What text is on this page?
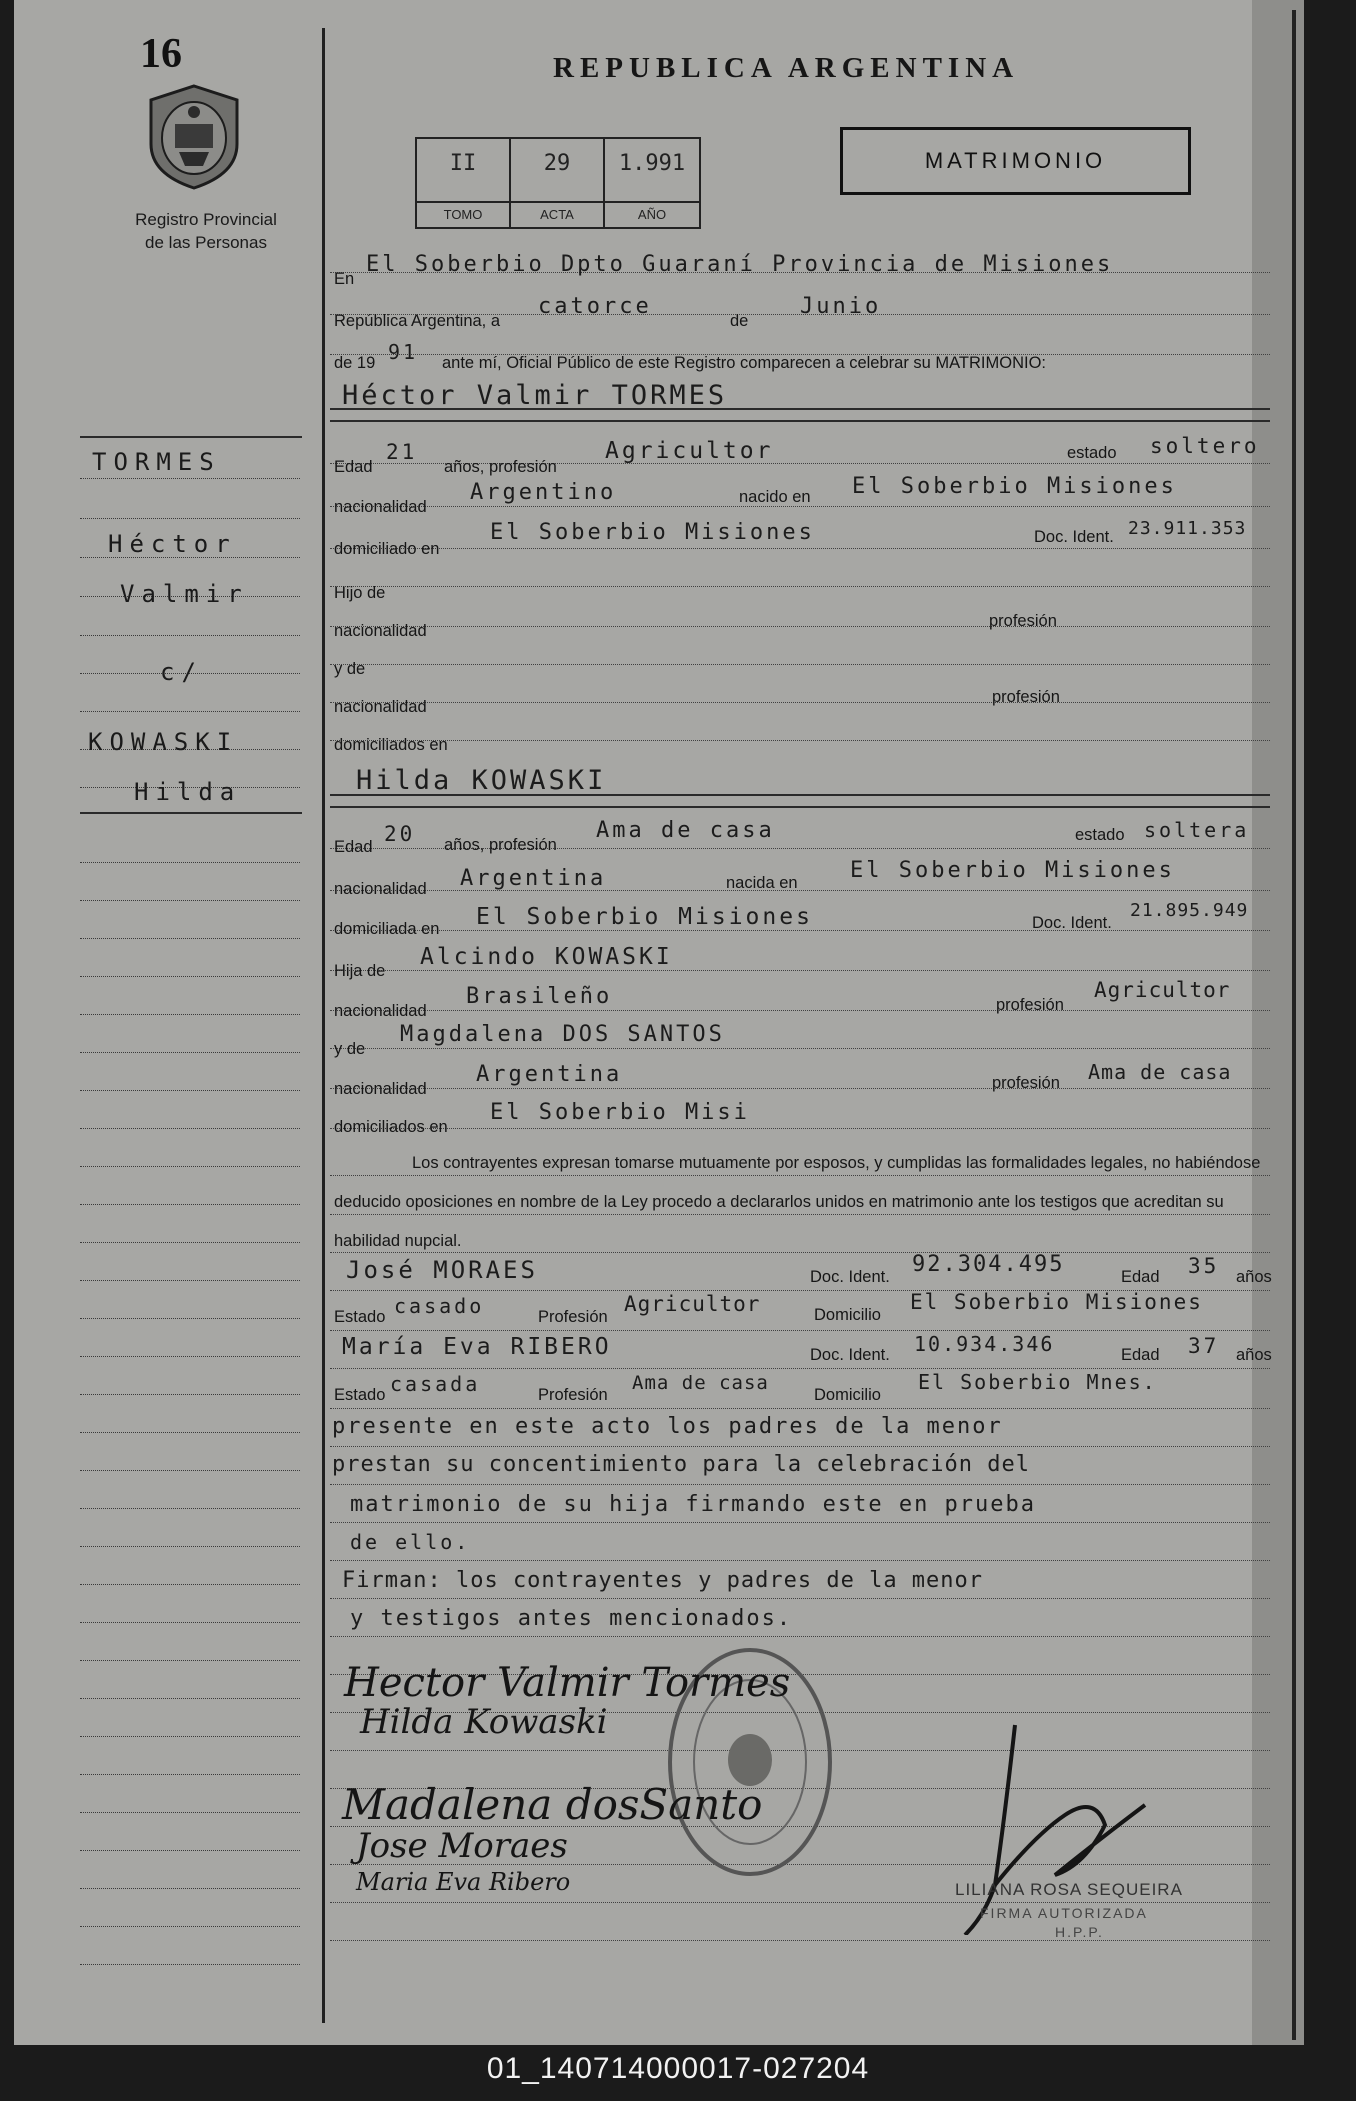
16
Registro Provincial
de las Personas
REPUBLICA ARGENTINA
II
TOMO
29
ACTA
1.991
AÑO
MATRIMONIO
TORMES
Héctor
Valmir
c/
KOWASKI
Hilda
En
El Soberbio Dpto Guaraní Provincia de Misiones
República Argentina, a
catorce
de
Junio
de 19 91 ante mí, Oficial Público de este Registro comparecen a celebrar su MATRIMONIO:
Héctor Valmir TORMES
Edad
21
años, profesión
Agricultor	estado soltero
nacionalidad
Argentino	nacido en El Soberbio Misiones
domiciliado en
El Soberbio Misiones	Doc. Ident. 23.911.353
Hijo de
nacionalidad
profesión
y de
nacionalidad
profesión
domiciliados en
Hilda KOWASKI
Edad
20 años, profesión
Ama de casa	estado soltera
nacionalidad Argentina	nacida en El Soberbio Misiones
domiciliada en El Soberbio Misiones	Doc. Ident.
21.895.949
Hija de
Alcindo KOWASKI
nacionalidad
Brasileño	profesión
Agricultor
y de
Magdalena DOS SANTOS
nacionalidad
Argentina	profesión Ama de casa
domiciliados en
El Soberbio Misi
Los contrayentes expresan tomarse mutuamente por esposos, y cumplidas las formalidades legales, no habiéndose deducido oposiciones en nombre de la Ley procedo a declararlos unidos en matrimonio ante los testigos que acreditan su habilidad nupcial.
José MORAES	Doc. Ident. 92.304.495	Edad 35 años
Estado casado	Profesión
Agricultor	Domicilio
El Soberbio Misiones
María Eva RIBERO	Doc. Ident. 10.934.346	Edad 37 años
Estado casada	Profesión
Ama de casa
Domicilio
El Soberbio Mnes.
presente en este acto los padres de la menor
prestan su concentimiento para la celebración del
matrimonio de su hija firmando este en prueba
de ello.
Firman: los contrayentes y padres de la menor
y testigos antes mencionados.
Hector Valmir Tormes
Hilda Kowaski
Madalena dosSanto
Jose Moraes
Maria Eva Ribero	LILIANA ROSA SEQUEIRA
FIRMA AUTORIZADA
H.P.P.
01_140714000017-027204
